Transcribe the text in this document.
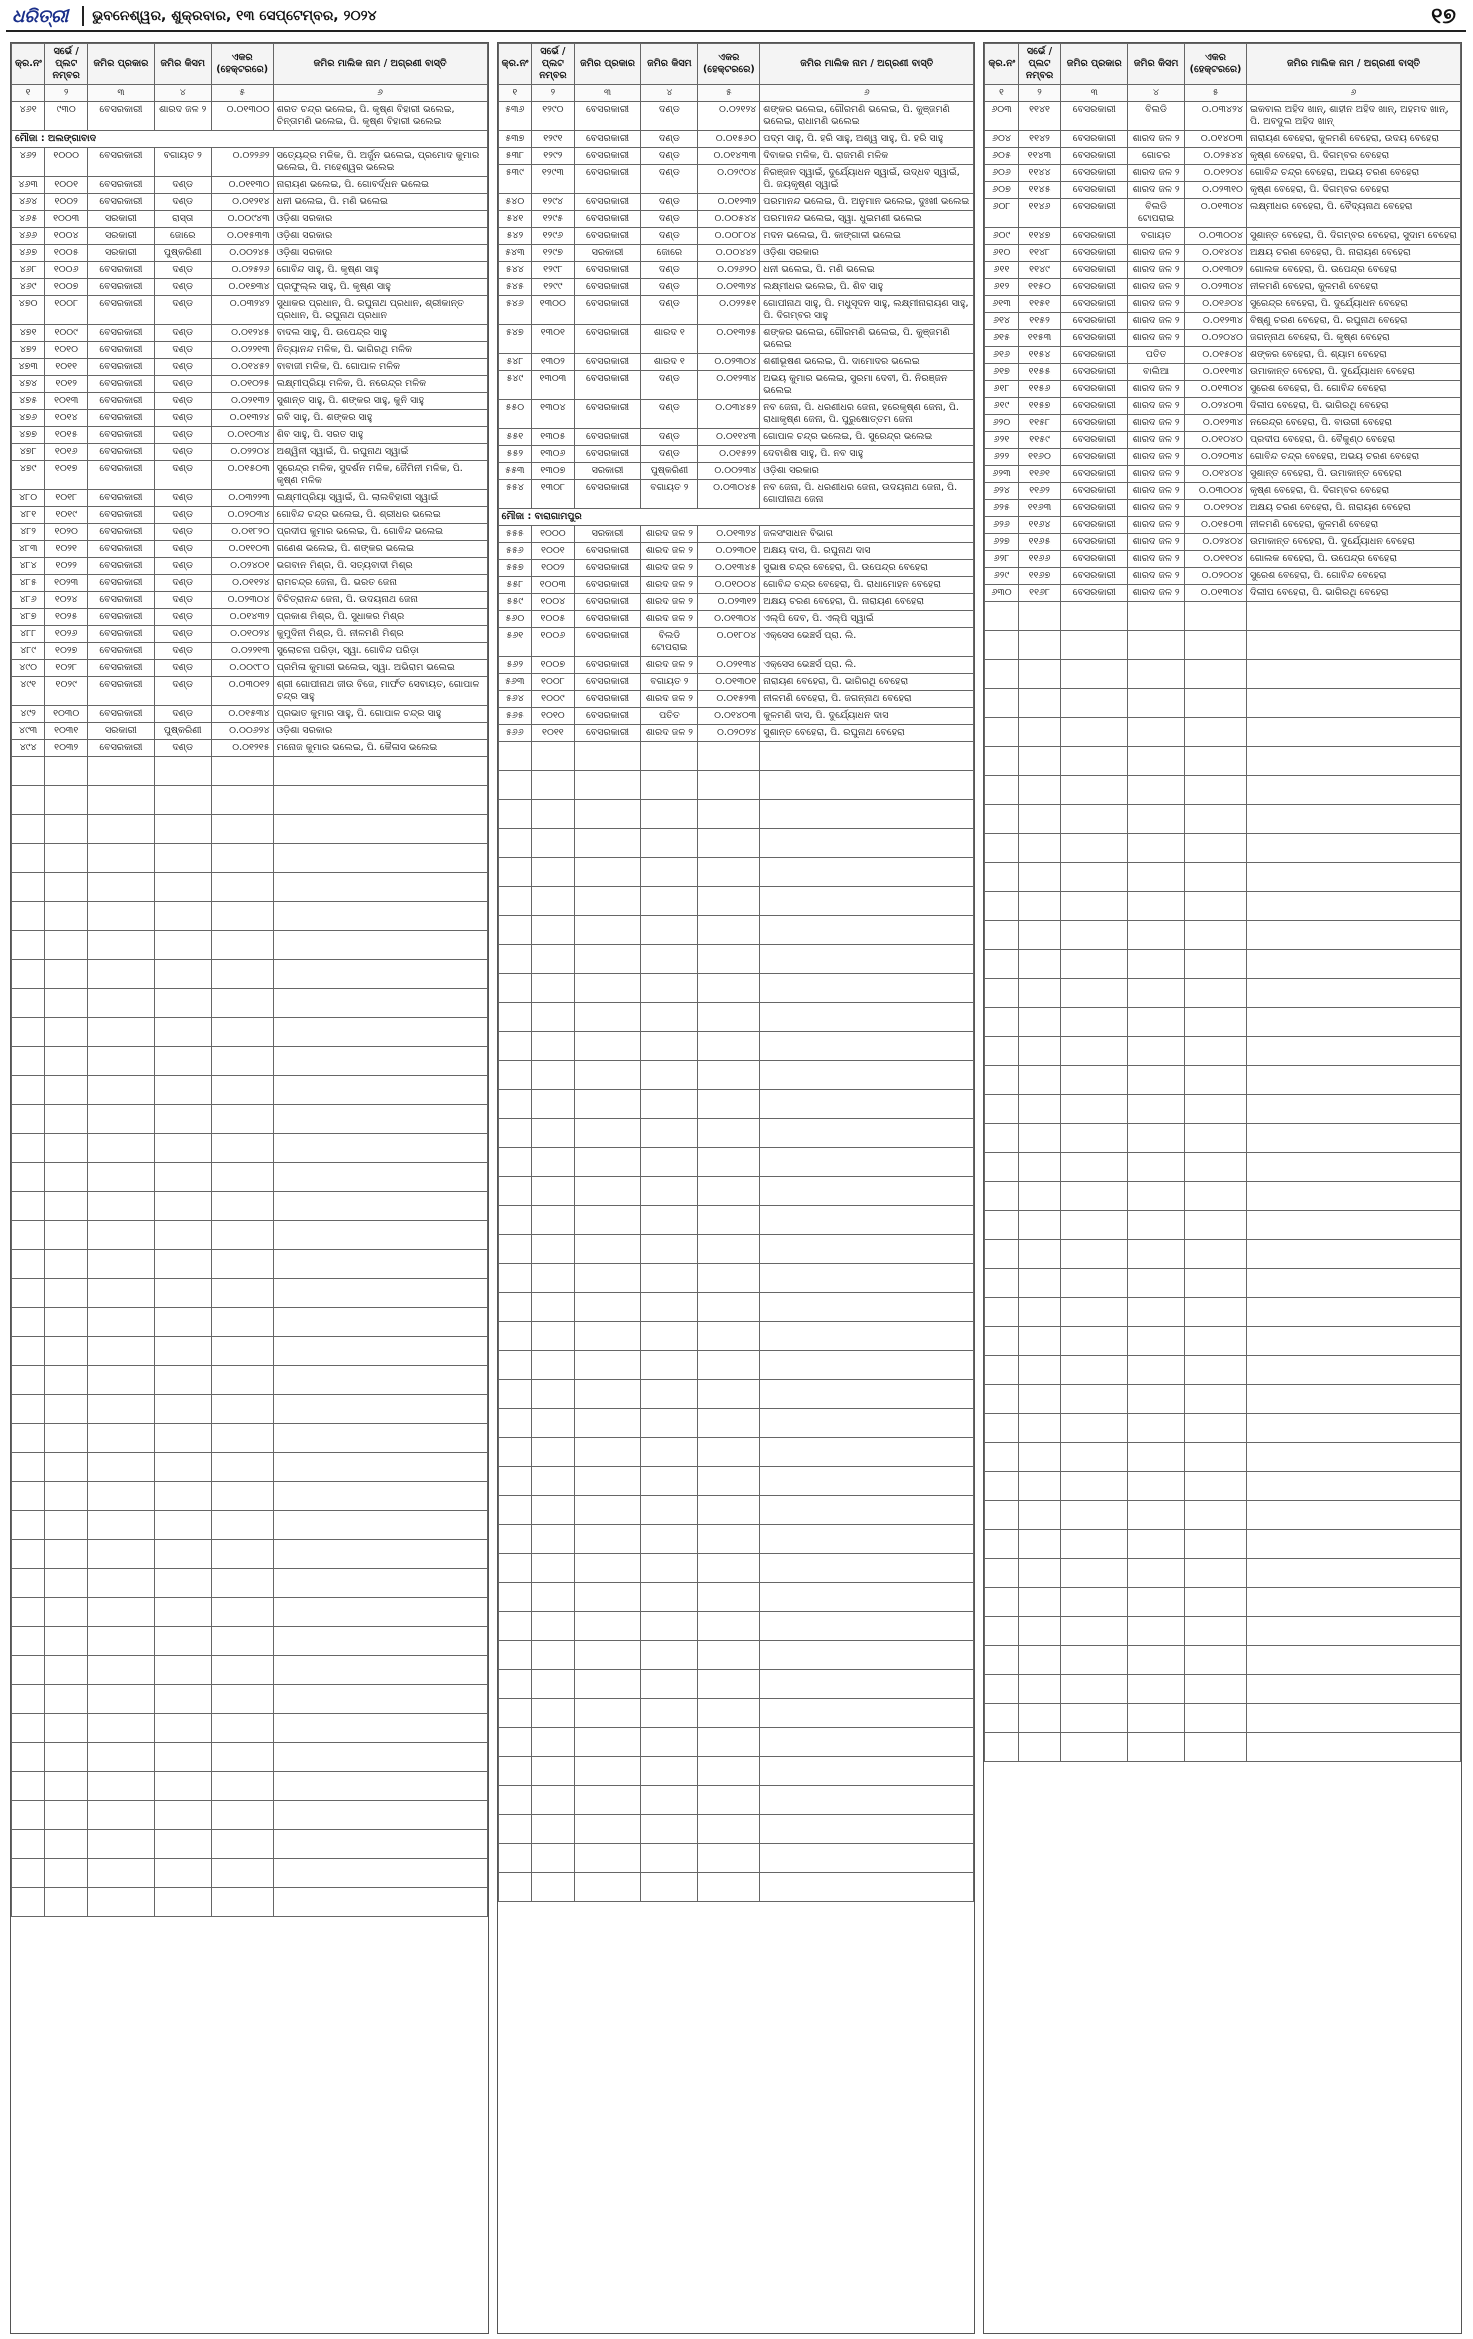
ଧରିତ୍ରୀ	ଭୁବନେଶ୍ୱର, ଶୁକ୍ରବାର, ୧୩ ସେପ୍ଟେମ୍ବର, ୨୦୨୪	୧୭
କ୍ର.ନଂ	ସର୍ଭେ / ପ୍ଲଟ ନମ୍ବର	ଜମିର ପ୍ରକାର	ଜମିର କିସମ	ଏକର (ହେକ୍ଟରରେ)	ଜମିର ମାଲିକ ନାମ / ଅଗ୍ରଣୀ ବାସ୍ତି
୧	୨	୩	୪	୫	୬
୪୬୧	୯୩୦	ବେସରକାରୀ	ଶାରଦ ଜଳ ୨	୦.୦୧୩୦୦	ଶରତ ଚନ୍ଦ୍ର ଭଲେଇ, ପି. କୃଷ୍ଣ ବିହାରୀ ଭଲେଇ, ଚିନ୍ତାମଣି ଭଲେଇ, ପି. କୃଷ୍ଣ ବିହାରୀ ଭଲେଇ
ମୌଜା : ଅଲଙ୍ଗାବାଦ					
୪୬୨	୧୦୦୦	ବେସରକାରୀ	ବଗାୟତ ୨	୦.୦୨୨୬୨	ସତ୍ୟେନ୍ଦ୍ର ମଳିକ, ପି. ଅର୍ଜୁନ ଭଲେଇ, ପ୍ରମୋଦ କୁମାର ଭଲେଇ, ପି. ମହେଶ୍ୱର ଭଲେଇ
୪୬୩	୧୦୦୧	ବେସରକାରୀ	ଦଣ୍ଡ	୦.୦୧୧୩୦	ନାରାୟଣ ଭଲେଇ, ପି. ଗୋବର୍ଦ୍ଧନ ଭଲେଇ
୪୬୪	୧୦୦୨	ବେସରକାରୀ	ଦଣ୍ଡ	୦.୦୧୨୧୪	ଧନୀ ଭଲେଇ, ପି. ମଣି ଭଲେଇ
୪୬୫	୧୦୦୩	ସରକାରୀ	ରାସ୍ତା	୦.୦୦୯୪୩	ଓଡ଼ିଶା ସରକାର
୪୬୬	୧୦୦୪	ସରକାରୀ	ଜୋରେ	୦.୦୧୫୩୩	ଓଡ଼ିଶା ସରକାର
୪୬୭	୧୦୦୫	ସରକାରୀ	ପୁଷ୍କରିଣୀ	୦.୦୦୨୪୫	ଓଡ଼ିଶା ସରକାର
୪୬୮	୧୦୦୬	ବେସରକାରୀ	ଦଣ୍ଡ	୦.୦୨୫୨୬	ଗୋବିନ୍ଦ ସାହୁ, ପି. କୃଷ୍ଣ ସାହୁ
୪୬୯	୧୦୦୭	ବେସରକାରୀ	ଦଣ୍ଡ	୦.୦୧୭୩୪	ପ୍ରଫୁଲ୍ଲ ସାହୁ, ପି. କୃଷ୍ଣ ସାହୁ
୪୭୦	୧୦୦୮	ବେସରକାରୀ	ଦଣ୍ଡ	୦.୦୩୨୪୨	ସୁଧାକର ପ୍ରଧାନ, ପି. ରଘୁନାଥ ପ୍ରଧାନ, ଶ୍ରୀକାନ୍ତ ପ୍ରଧାନ, ପି. ରଘୁନାଥ ପ୍ରଧାନ
୪୭୧	୧୦୦୯	ବେସରକାରୀ	ଦଣ୍ଡ	୦.୦୧୨୪୫	ବାଦଲ ସାହୁ, ପି. ଉପେନ୍ଦ୍ର ସାହୁ
୪୭୨	୧୦୧୦	ବେସରକାରୀ	ଦଣ୍ଡ	୦.୦୨୨୧୩	ନିତ୍ୟାନନ୍ଦ ମଳିକ, ପି. ଭାଗିରଥି ମଳିକ
୪୭୩	୧୦୧୧	ବେସରକାରୀ	ଦଣ୍ଡ	୦.୦୧୪୫୨	ବାବାଜୀ ମଳିକ, ପି. ଗୋପାଳ ମଳିକ
୪୭୪	୧୦୧୨	ବେସରକାରୀ	ଦଣ୍ଡ	୦.୦୧୦୨୫	ଲକ୍ଷ୍ମୀପ୍ରିୟା ମଳିକ, ପି. ନରେନ୍ଦ୍ର ମଳିକ
୪୭୫	୧୦୧୩	ବେସରକାରୀ	ଦଣ୍ଡ	୦.୦୨୧୩୨	ସୁଶାନ୍ତ ସାହୁ, ପି. ଶଙ୍କର ସାହୁ, କୁନି ସାହୁ
୪୭୬	୧୦୧୪	ବେସରକାରୀ	ଦଣ୍ଡ	୦.୦୧୩୨୪	ରବି ସାହୁ, ପି. ଶଙ୍କର ସାହୁ
୪୭୭	୧୦୧୫	ବେସରକାରୀ	ଦଣ୍ଡ	୦.୦୧୦୩୪	ଶିବ ସାହୁ, ପି. ସରତ ସାହୁ
୪୭୮	୧୦୧୬	ବେସରକାରୀ	ଦଣ୍ଡ	୦.୦୨୨୦୪	ଅଶ୍ୱିନୀ ସ୍ୱାଇଁ, ପି. ରଘୁନାଥ ସ୍ୱାଇଁ
୪୭୯	୧୦୧୭	ବେସରକାରୀ	ଦଣ୍ଡ	୦.୦୧୫୦୩	ସୁରେନ୍ଦ୍ର ମଳିକ, ସୁଦର୍ଶନ ମଳିକ, ଜୈମିନୀ ମଳିକ, ପି. କୃଷ୍ଣ ମଳିକ
୪୮୦	୧୦୧୮	ବେସରକାରୀ	ଦଣ୍ଡ	୦.୦୩୨୨୩	ଲକ୍ଷ୍ମୀପ୍ରିୟା ସ୍ୱାଇଁ, ପି. ଲାଲବିହାରୀ ସ୍ୱାଇଁ
୪୮୧	୧୦୧୯	ବେସରକାରୀ	ଦଣ୍ଡ	୦.୦୨୦୩୪	ଗୋବିନ୍ଦ ଚନ୍ଦ୍ର ଭଲେଇ, ପି. ଶ୍ରୀଧର ଭଲେଇ
୪୮୨	୧୦୨୦	ବେସରକାରୀ	ଦଣ୍ଡ	୦.୦୧୮୨୦	ପ୍ରଦୀପ କୁମାର ଭଲେଇ, ପି. ଗୋବିନ୍ଦ ଭଲେଇ
୪୮୩	୧୦୨୧	ବେସରକାରୀ	ଦଣ୍ଡ	୦.୦୧୧୦୩	ଗଣେଶ ଭଲେଇ, ପି. ଶଙ୍କର ଭଲେଇ
୪୮୪	୧୦୨୨	ବେସରକାରୀ	ଦଣ୍ଡ	୦.୦୨୪୦୧	ଭଗବାନ ମିଶ୍ର, ପି. ସତ୍ୟବାଦୀ ମିଶ୍ର
୪୮୫	୧୦୨୩	ବେସରକାରୀ	ଦଣ୍ଡ	୦.୦୧୧୨୪	ରାମଚନ୍ଦ୍ର ଜେନା, ପି. ଭରତ ଜେନା
୪୮୬	୧୦୨୪	ବେସରକାରୀ	ଦଣ୍ଡ	୦.୦୨୩୦୪	ବିଚିତ୍ରାନନ୍ଦ ଜେନା, ପି. ଉଦୟନାଥ ଜେନା
୪୮୭	୧୦୨୫	ବେସରକାରୀ	ଦଣ୍ଡ	୦.୦୧୪୩୨	ପ୍ରକାଶ ମିଶ୍ର, ପି. ସୁଧାକର ମିଶ୍ର
୪୮୮	୧୦୨୬	ବେସରକାରୀ	ଦଣ୍ଡ	୦.୦୧୦୨୪	କୁମୁଦିନୀ ମିଶ୍ର, ପି. ନୀଳମଣି ମିଶ୍ର
୪୮୯	୧୦୨୭	ବେସରକାରୀ	ଦଣ୍ଡ	୦.୦୨୨୧୩	ସୁଲୋଚନା ପରିଡ଼ା, ସ୍ୱା. ଗୋବିନ୍ଦ ପରିଡ଼ା
୪୯୦	୧୦୨୮	ବେସରକାରୀ	ଦଣ୍ଡ	୦.୦୦୯୮୦	ପ୍ରମିଳା କୁମାରୀ ଭଲେଇ, ସ୍ୱା. ଅଭିରାମ ଭଲେଇ
୪୯୧	୧୦୨୯	ବେସରକାରୀ	ଦଣ୍ଡ	୦.୦୩୦୧୨	ଶ୍ରୀ ଗୋପୀନାଥ ଜୀଉ ବିଜେ, ମାର୍ଫତ ସେବାୟତ, ଗୋପାଳ ଚନ୍ଦ୍ର ସାହୁ
୪୯୨	୧୦୩୦	ବେସରକାରୀ	ଦଣ୍ଡ	୦.୦୧୫୩୪	ପ୍ରଭାତ କୁମାର ସାହୁ, ପି. ଗୋପାଳ ଚନ୍ଦ୍ର ସାହୁ
୪୯୩	୧୦୩୧	ସରକାରୀ	ପୁଷ୍କରିଣୀ	୦.୦୦୬୨୪	ଓଡ଼ିଶା ସରକାର
୪୯୪	୧୦୩୨	ବେସରକାରୀ	ଦଣ୍ଡ	୦.୦୧୨୧୫	ମନୋଜ କୁମାର ଭଲେଇ, ପି. କୈଳାସ ଭଲେଇ

କ୍ର.ନଂ	ସର୍ଭେ / ପ୍ଲଟ ନମ୍ବର	ଜମିର ପ୍ରକାର	ଜମିର କିସମ	ଏକର (ହେକ୍ଟରରେ)	ଜମିର ମାଲିକ ନାମ / ଅଗ୍ରଣୀ ବାସ୍ତି
୧	୨	୩	୪	୫	୬
୫୩୬	୧୨୯୦	ବେସରକାରୀ	ଦଣ୍ଡ	୦.୦୨୧୨୪	ଶଙ୍କର ଭଲେଇ, ଗୌରମଣି ଭଲେଇ, ପି. କୁଞ୍ଜମଣି ଭଲେଇ, ରାଧାମଣି ଭଲେଇ
୫୩୭	୧୨୯୧	ବେସରକାରୀ	ଦଣ୍ଡ	୦.୦୧୫୬୦	ପଦ୍ମ ସାହୁ, ପି. ହରି ସାହୁ, ଅଶ୍ୱ ସାହୁ, ପି. ହରି ସାହୁ
୫୩୮	୧୨୯୨	ବେସରକାରୀ	ଦଣ୍ଡ	୦.୦୧୪୩୩	ଦିବାକର ମଳିକ, ପି. ରାଜମଣି ମଳିକ
୫୩୯	୧୨୯୩	ବେସରକାରୀ	ଦଣ୍ଡ	୦.୦୨୯୦୪	ନିରଞ୍ଜନ ସ୍ୱାଇଁ, ଦୁର୍ଯ୍ୟୋଧନ ସ୍ୱାଇଁ, ଉଦ୍ଧବ ସ୍ୱାଇଁ, ପି. ଜୟକୃଷ୍ଣ ସ୍ୱାଇଁ
୫୪୦	୧୨୯୪	ବେସରକାରୀ	ଦଣ୍ଡ	୦.୦୧୨୩୨	ପରମାନନ୍ଦ ଭଲେଇ, ପି. ଅନୁମାନ ଭଲେଇ, ଦୁଃଖୀ ଭଲେଇ
୫୪୧	୧୨୯୫	ବେସରକାରୀ	ଦଣ୍ଡ	୦.୦୦୫୪୪	ପରମାନନ୍ଦ ଭଲେଇ, ସ୍ୱା. ଧୁଇମଣୀ ଭଲେଇ
୫୪୨	୧୨୯୬	ବେସରକାରୀ	ଦଣ୍ଡ	୦.୦୦୮୦୪	ମଦନ ଭଲେଇ, ପି. କାଙ୍ଗାଳୀ ଭଲେଇ
୫୪୩	୧୨୯୭	ସରକାରୀ	ଜୋରେ	୦.୦୦୪୪୨	ଓଡ଼ିଶା ସରକାର
୫୪୪	୧୨୯୮	ବେସରକାରୀ	ଦଣ୍ଡ	୦.୦୨୬୨୦	ଧନୀ ଭଲେଇ, ପି. ମଣି ଭଲେଇ
୫୪୫	୧୨୯୯	ବେସରକାରୀ	ଦଣ୍ଡ	୦.୦୧୩୨୪	ଲକ୍ଷ୍ମୀଧର ଭଲେଇ, ପି. ଶିବ ସାହୁ
୫୪୬	୧୩୦୦	ବେସରକାରୀ	ଦଣ୍ଡ	୦.୦୨୨୫୧	ଗୋପୀନାଥ ସାହୁ, ପି. ମଧୁସୂଦନ ସାହୁ, ଲକ୍ଷ୍ମୀନାରାୟଣ ସାହୁ, ପି. ଦିଗମ୍ବର ସାହୁ
୫୪୭	୧୩୦୧	ବେସରକାରୀ	ଶାରଦ ୧	୦.୦୧୩୨୫	ଶଙ୍କର ଭଲେଇ, ଗୌରମଣି ଭଲେଇ, ପି. କୁଞ୍ଜମଣି ଭଲେଇ
୫୪୮	୧୩୦୨	ବେସରକାରୀ	ଶାରଦ ୧	୦.୦୨୩୦୪	ଶଶୀଭୂଷଣ ଭଲେଇ, ପି. ଦାମୋଦର ଭଲେଇ
୫୪୯	୧୩୦୩	ବେସରକାରୀ	ଦଣ୍ଡ	୦.୦୧୨୩୪	ଅଭୟ କୁମାର ଭଲେଇ, ସୁରମା ଦେବୀ, ପି. ନିରଞ୍ଜନ ଭଲେଇ
୫୫୦	୧୩୦୪	ବେସରକାରୀ	ଦଣ୍ଡ	୦.୦୩୪୫୨	ନବ ଜେନା, ପି. ଧରଣୀଧର ଜେନା, ହରେକୃଷ୍ଣ ଜେନା, ପି. ରାଧାକୃଷ୍ଣ ଜେନା, ପି. ପୁରୁଷୋତ୍ତମ ଜେନା
୫୫୧	୧୩୦୫	ବେସରକାରୀ	ଦଣ୍ଡ	୦.୦୧୧୪୩	ଗୋପାଳ ଚନ୍ଦ୍ର ଭଲେଇ, ପି. ସୁରେନ୍ଦ୍ର ଭଲେଇ
୫୫୨	୧୩୦୬	ବେସରକାରୀ	ଦଣ୍ଡ	୦.୦୧୫୨୨	ଦେବାଶିଷ ସାହୁ, ପି. ନବ ସାହୁ
୫୫୩	୧୩୦୭	ସରକାରୀ	ପୁଷ୍କରିଣୀ	୦.୦୦୨୩୪	ଓଡ଼ିଶା ସରକାର
୫୫୪	୧୩୦୮	ବେସରକାରୀ	ବଗାୟତ ୨	୦.୦୩୦୪୫	ନବ ଜେନା, ପି. ଧରଣୀଧର ଜେନା, ଉଦୟନାଥ ଜେନା, ପି. ଗୋପୀନାଥ ଜେନା
ମୌଜା : ବାରାଗାମପୁର					
୫୫୫	୧୦୦୦	ସରକାରୀ	ଶାରଦ ଜଳ ୨	୦.୦୧୩୨୪	ଜଳସଂସାଧନ ବିଭାଗ
୫୫୬	୧୦୦୧	ବେସରକାରୀ	ଶାରଦ ଜଳ ୨	୦.୦୨୩୦୧	ଅକ୍ଷୟ ଦାସ, ପି. ରଘୁନାଥ ଦାସ
୫୫୭	୧୦୦୨	ବେସରକାରୀ	ଶାରଦ ଜଳ ୨	୦.୦୧୩୪୫	ସୁଭାଷ ଚନ୍ଦ୍ର ବେହେରା, ପି. ଉପେନ୍ଦ୍ର ବେହେରା
୫୫୮	୧୦୦୩	ବେସରକାରୀ	ଶାରଦ ଜଳ ୨	୦.୦୧୦୦୪	ଗୋବିନ୍ଦ ଚନ୍ଦ୍ର ବେହେରା, ପି. ରାଧାମୋହନ ବେହେରା
୫୫୯	୧୦୦୪	ବେସରକାରୀ	ଶାରଦ ଜଳ ୨	୦.୦୨୩୧୨	ଅକ୍ଷୟ ଚରଣ ବେହେରା, ପି. ନାରାୟଣ ବେହେରା
୫୬୦	୧୦୦୫	ବେସରକାରୀ	ଶାରଦ ଜଳ ୨	୦.୦୧୩୦୪	ଏଲ୍‌ପି ଦେବ, ପି. ଏଲ୍‌ପି ସ୍ୱାଇଁ
୫୬୧	୧୦୦୬	ବେସରକାରୀ	ବିଲଡି ଟୋପରାଇ	୦.୦୧୮୦୪	ଏକ୍ସେସ ଭେଞ୍ଚର୍ସ ପ୍ରା. ଲି.
୫୬୨	୧୦୦୭	ବେସରକାରୀ	ଶାରଦ ଜଳ ୨	୦.୦୨୧୩୪	ଏକ୍ସେସ ଭେଞ୍ଚର୍ସ ପ୍ରା. ଲି.
୫୬୩	୧୦୦୮	ବେସରକାରୀ	ବଗାୟତ ୨	୦.୦୧୩୦୧	ନାରାୟଣ ବେହେରା, ପି. ଭାଗିରଥି ବେହେରା
୫୬୪	୧୦୦୯	ବେସରକାରୀ	ଶାରଦ ଜଳ ୨	୦.୦୧୫୨୩	ନୀଳମଣି ବେହେରା, ପି. ଜଗନ୍ନାଥ ବେହେରା
୫୬୫	୧୦୧୦	ବେସରକାରୀ	ପତିତ	୦.୦୧୪୦୩	କୁଳମଣି ଦାସ, ପି. ଦୁର୍ଯ୍ୟୋଧନ ଦାସ
୫୬୬	୧୦୧୧	ବେସରକାରୀ	ଶାରଦ ଜଳ ୨	୦.୦୨୦୨୪	ସୁଶାନ୍ତ ବେହେରା, ପି. ରଘୁନାଥ ବେହେରା

କ୍ର.ନଂ	ସର୍ଭେ / ପ୍ଲଟ ନମ୍ବର	ଜମିର ପ୍ରକାର	ଜମିର କିସମ	ଏକର (ହେକ୍ଟରରେ)	ଜମିର ମାଲିକ ନାମ / ଅଗ୍ରଣୀ ବାସ୍ତି
୧	୨	୩	୪	୫	୬
୬୦୩	୧୧୪୧	ବେସରକାରୀ	ବିଲଡି	୦.୦୩୪୨୪	ଇକବାଲ ଅହିଦ ଖାନ୍, ଶାହୀନ ଅହିଦ ଖାନ୍, ଅହମଦ ଖାନ୍, ପି. ଅବଦୁଲ ଅହିଦ ଖାନ୍
୬୦୪	୧୧୪୨	ବେସରକାରୀ	ଶାରଦ ଜଳ ୨	୦.୦୧୪୦୩	ନାରାୟଣ ବେହେରା, କୁଳମଣି ବେହେରା, ଉଦୟ ବେହେରା
୬୦୫	୧୧୪୩	ବେସରକାରୀ	ଗୋଚର	୦.୦୨୫୪୪	କୃଷ୍ଣ ବେହେରା, ପି. ଦିଗମ୍ବର ବେହେରା
୬୦୬	୧୧୪୪	ବେସରକାରୀ	ଶାରଦ ଜଳ ୨	୦.୦୧୨୦୪	ଗୋବିନ୍ଦ ଚନ୍ଦ୍ର ବେହେରା, ଅଭୟ ଚରଣ ବେହେରା
୬୦୭	୧୧୪୫	ବେସରକାରୀ	ଶାରଦ ଜଳ ୨	୦.୦୨୩୧୦	କୃଷ୍ଣ ବେହେରା, ପି. ଦିଗମ୍ବର ବେହେରା
୬୦୮	୧୧୪୬	ବେସରକାରୀ	ବିଲଡି ଟୋପରାଇ	୦.୦୧୩୦୪	ଲକ୍ଷ୍ମୀଧର ବେହେରା, ପି. ବୈଦ୍ୟନାଥ ବେହେରା
୬୦୯	୧୧୪୭	ବେସରକାରୀ	ବଗାୟତ	୦.୦୩୦୦୪	ସୁଶାନ୍ତ ବେହେରା, ପି. ଦିଗମ୍ବର ବେହେରା, ସୁଦାମ ବେହେରା
୬୧୦	୧୧୪୮	ବେସରକାରୀ	ଶାରଦ ଜଳ ୨	୦.୦୧୪୦୪	ଅକ୍ଷୟ ଚରଣ ବେହେରା, ପି. ନାରାୟଣ ବେହେରା
୬୧୧	୧୧୪୯	ବେସରକାରୀ	ଶାରଦ ଜଳ ୨	୦.୦୧୩୦୨	ଗୋଲକ ବେହେରା, ପି. ଉପେନ୍ଦ୍ର ବେହେରା
୬୧୨	୧୧୫୦	ବେସରକାରୀ	ଶାରଦ ଜଳ ୨	୦.୦୨୩୦୪	ନୀଳମଣି ବେହେରା, କୁଳମଣି ବେହେରା
୬୧୩	୧୧୫୧	ବେସରକାରୀ	ଶାରଦ ଜଳ ୨	୦.୦୧୬୦୪	ସୁରେନ୍ଦ୍ର ବେହେରା, ପି. ଦୁର୍ଯ୍ୟୋଧନ ବେହେରା
୬୧୪	୧୧୫୨	ବେସରକାରୀ	ଶାରଦ ଜଳ ୨	୦.୦୧୨୩୪	ବିଷ୍ଣୁ ଚରଣ ବେହେରା, ପି. ରଘୁନାଥ ବେହେରା
୬୧୫	୧୧୫୩	ବେସରକାରୀ	ଶାରଦ ଜଳ ୨	୦.୦୨୦୪୦	ଜଗନ୍ନାଥ ବେହେରା, ପି. କୃଷ୍ଣ ବେହେରା
୬୧୬	୧୧୫୪	ବେସରକାରୀ	ପତିତ	୦.୦୧୫୦୪	ଶଙ୍କର ବେହେରା, ପି. ଶ୍ୟାମ ବେହେରା
୬୧୭	୧୧୫୫	ବେସରକାରୀ	ବାଲିଆ	୦.୦୧୧୩୪	ଉମାକାନ୍ତ ବେହେରା, ପି. ଦୁର୍ଯ୍ୟୋଧନ ବେହେରା
୬୧୮	୧୧୫୬	ବେସରକାରୀ	ଶାରଦ ଜଳ ୨	୦.୦୧୩୦୪	ସୁରେଶ ବେହେରା, ପି. ଗୋବିନ୍ଦ ବେହେରା
୬୧୯	୧୧୫୭	ବେସରକାରୀ	ଶାରଦ ଜଳ ୨	୦.୦୨୪୦୩	ଦିଲୀପ ବେହେରା, ପି. ଭାଗିରଥି ବେହେରା
୬୨୦	୧୧୫୮	ବେସରକାରୀ	ଶାରଦ ଜଳ ୨	୦.୦୧୨୩୪	ନରେନ୍ଦ୍ର ବେହେରା, ପି. ବାଉରୀ ବେହେରା
୬୨୧	୧୧୫୯	ବେସରକାରୀ	ଶାରଦ ଜଳ ୨	୦.୦୧୦୪୦	ପ୍ରଦୀପ ବେହେରା, ପି. ବୈକୁଣ୍ଠ ବେହେରା
୬୨୨	୧୧୬୦	ବେସରକାରୀ	ଶାରଦ ଜଳ ୨	୦.୦୨୦୩୪	ଗୋବିନ୍ଦ ଚନ୍ଦ୍ର ବେହେରା, ଅଭୟ ଚରଣ ବେହେରା
୬୨୩	୧୧୬୧	ବେସରକାରୀ	ଶାରଦ ଜଳ ୨	୦.୦୧୪୦୪	ସୁଶାନ୍ତ ବେହେରା, ପି. ଉମାକାନ୍ତ ବେହେରା
୬୨୪	୧୧୬୨	ବେସରକାରୀ	ଶାରଦ ଜଳ ୨	୦.୦୩୦୦୪	କୃଷ୍ଣ ବେହେରା, ପି. ଦିଗମ୍ବର ବେହେରା
୬୨୫	୧୧୬୩	ବେସରକାରୀ	ଶାରଦ ଜଳ ୨	୦.୦୧୨୦୪	ଅକ୍ଷୟ ଚରଣ ବେହେରା, ପି. ନାରାୟଣ ବେହେରା
୬୨୬	୧୧୬୪	ବେସରକାରୀ	ଶାରଦ ଜଳ ୨	୦.୦୧୫୦୩	ନୀଳମଣି ବେହେରା, କୁଳମଣି ବେହେରା
୬୨୭	୧୧୬୫	ବେସରକାରୀ	ଶାରଦ ଜଳ ୨	୦.୦୨୪୦୪	ଉମାକାନ୍ତ ବେହେରା, ପି. ଦୁର୍ଯ୍ୟୋଧନ ବେହେରା
୬୨୮	୧୧୬୬	ବେସରକାରୀ	ଶାରଦ ଜଳ ୨	୦.୦୧୧୦୪	ଗୋଲକ ବେହେରା, ପି. ଉପେନ୍ଦ୍ର ବେହେରା
୬୨୯	୧୧୬୭	ବେସରକାରୀ	ଶାରଦ ଜଳ ୨	୦.୦୨୦୦୪	ସୁରେଶ ବେହେରା, ପି. ଗୋବିନ୍ଦ ବେହେରା
୬୩୦	୧୧୬୮	ବେସରକାରୀ	ଶାରଦ ଜଳ ୨	୦.୦୧୩୦୪	ଦିଲୀପ ବେହେରା, ପି. ଭାଗିରଥି ବେହେରା
